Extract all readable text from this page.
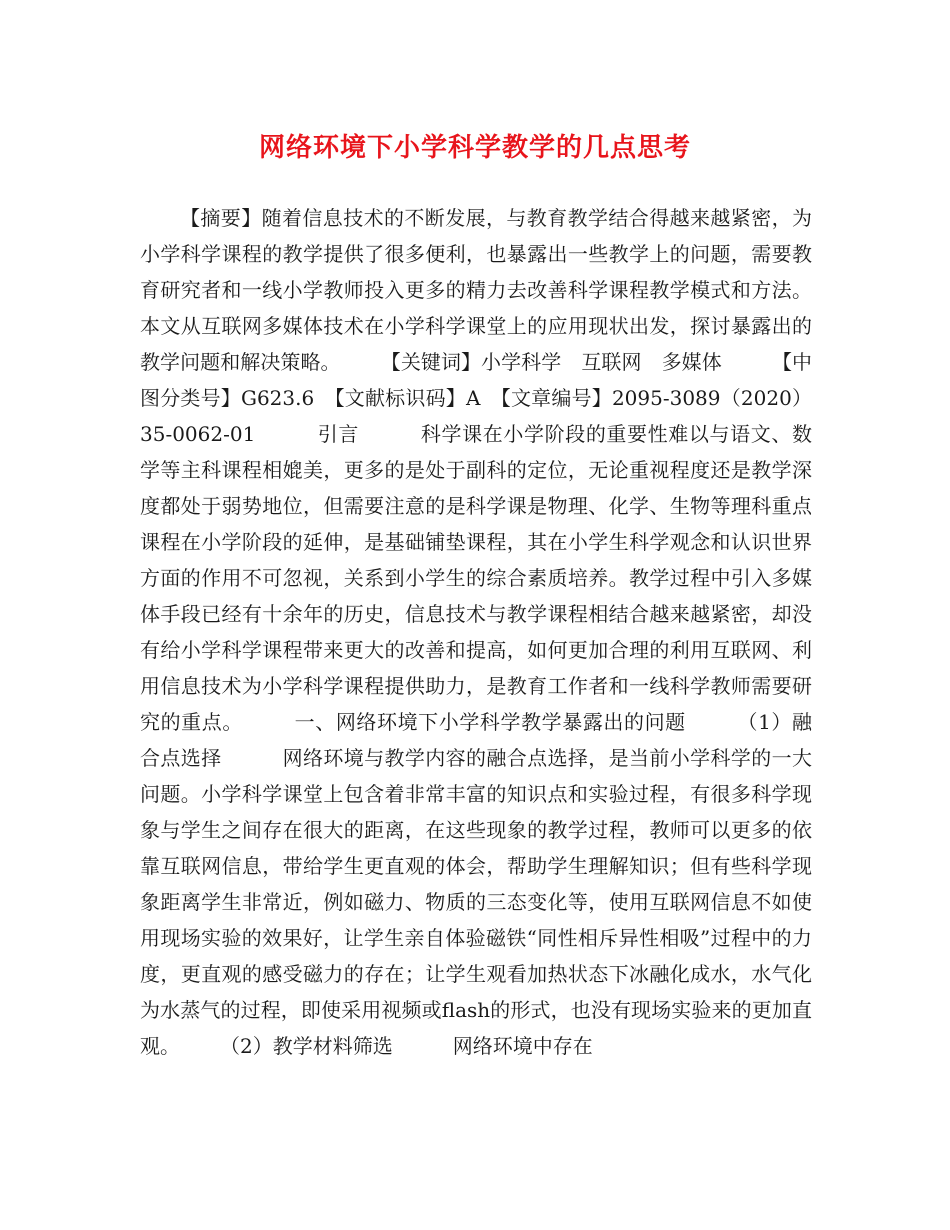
网络环境下小学科学教学的几点思考

【摘要】随着信息技术的不断发展，与教育教学结合得越来越紧密，为小学科学课程的教学提供了很多便利，也暴露出一些教学上的问题，需要教育研究者和一线小学教师投入更多的精力去改善科学课程教学模式和方法。本文从互联网多媒体技术在小学科学课堂上的应用现状出发，探讨暴露出的教学问题和解决策略。　　　【关键词】小学科学　互联网　多媒体　　　【中图分类号】G623.6　【文献标识码】A　【文章编号】2095-3089（2020）35-0062-01　　　引言　　　科学课在小学阶段的重要性难以与语文、数学等主科课程相媲美，更多的是处于副科的定位，无论重视程度还是教学深度都处于弱势地位，但需要注意的是科学课是物理、化学、生物等理科重点课程在小学阶段的延伸，是基础铺垫课程，其在小学生科学观念和认识世界方面的作用不可忽视，关系到小学生的综合素质培养。教学过程中引入多媒体手段已经有十余年的历史，信息技术与教学课程相结合越来越紧密，却没有给小学科学课程带来更大的改善和提高，如何更加合理的利用互联网、利用信息技术为小学科学课程提供助力，是教育工作者和一线科学教师需要研究的重点。　　　一、网络环境下小学科学教学暴露出的问题　　　（1）融合点选择　　　网络环境与教学内容的融合点选择，是当前小学科学的一大问题。小学科学课堂上包含着非常丰富的知识点和实验过程，有很多科学现象与学生之间存在很大的距离，在这些现象的教学过程，教师可以更多的依靠互联网信息，带给学生更直观的体会，帮助学生理解知识；但有些科学现象距离学生非常近，例如磁力、物质的三态变化等，使用互联网信息不如使用现场实验的效果好，让学生亲自体验磁铁“同性相斥异性相吸”过程中的力度，更直观的感受磁力的存在；让学生观看加热状态下冰融化成水，水气化为水蒸气的过程，即使采用视频或flash的形式，也没有现场实验来的更加直观。　　　（2）教学材料筛选　　　网络环境中存在
